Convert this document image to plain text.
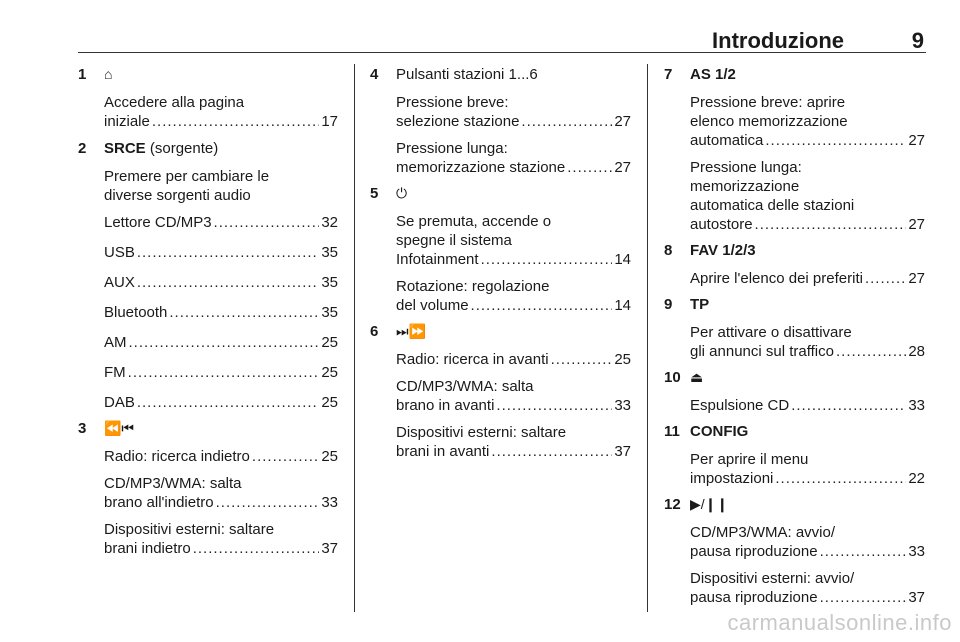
Introduzione	9
1 ⌂
Accedere alla pagina
iniziale .....	17
2 SRCE (sorgente)
Premere per cambiare le
diverse sorgenti audio
Lettore CD/MP3 .....	32
USB .....	35
AUX .....	35
Bluetooth .....	35
AM .....	25
FM .....	25
DAB .....	25
3 ⏪⏮
Radio: ricerca indietro .....	25
CD/MP3/WMA: salta
brano all'indietro .....	33
Dispositivi esterni: saltare
brani indietro .....	37
4 Pulsanti stazioni 1...6
Pressione breve:
selezione stazione .....	27
Pressione lunga:
memorizzazione stazione .....	27
5 ⏻
Se premuta, accende o
spegne il sistema
Infotainment .....	14
Rotazione: regolazione
del volume .....	14
6 ⏭⏩
Radio: ricerca in avanti .....	25
CD/MP3/WMA: salta
brano in avanti .....	33
Dispositivi esterni: saltare
brani in avanti .....	37
7 AS 1/2
Pressione breve: aprire
elenco memorizzazione
automatica .....	27
Pressione lunga:
memorizzazione
automatica delle stazioni
autostore .....	27
8 FAV 1/2/3
Aprire l'elenco dei preferiti .....	27
9 TP
Per attivare o disattivare
gli annunci sul traffico .....	28
10 ⏏
Espulsione CD .....	33
11 CONFIG
Per aprire il menu
impostazioni .....	22
12 ▶/❙❙
CD/MP3/WMA: avvio/
pausa riproduzione .....	33
Dispositivi esterni: avvio/
pausa riproduzione .....	37
carmanualsonline.info
